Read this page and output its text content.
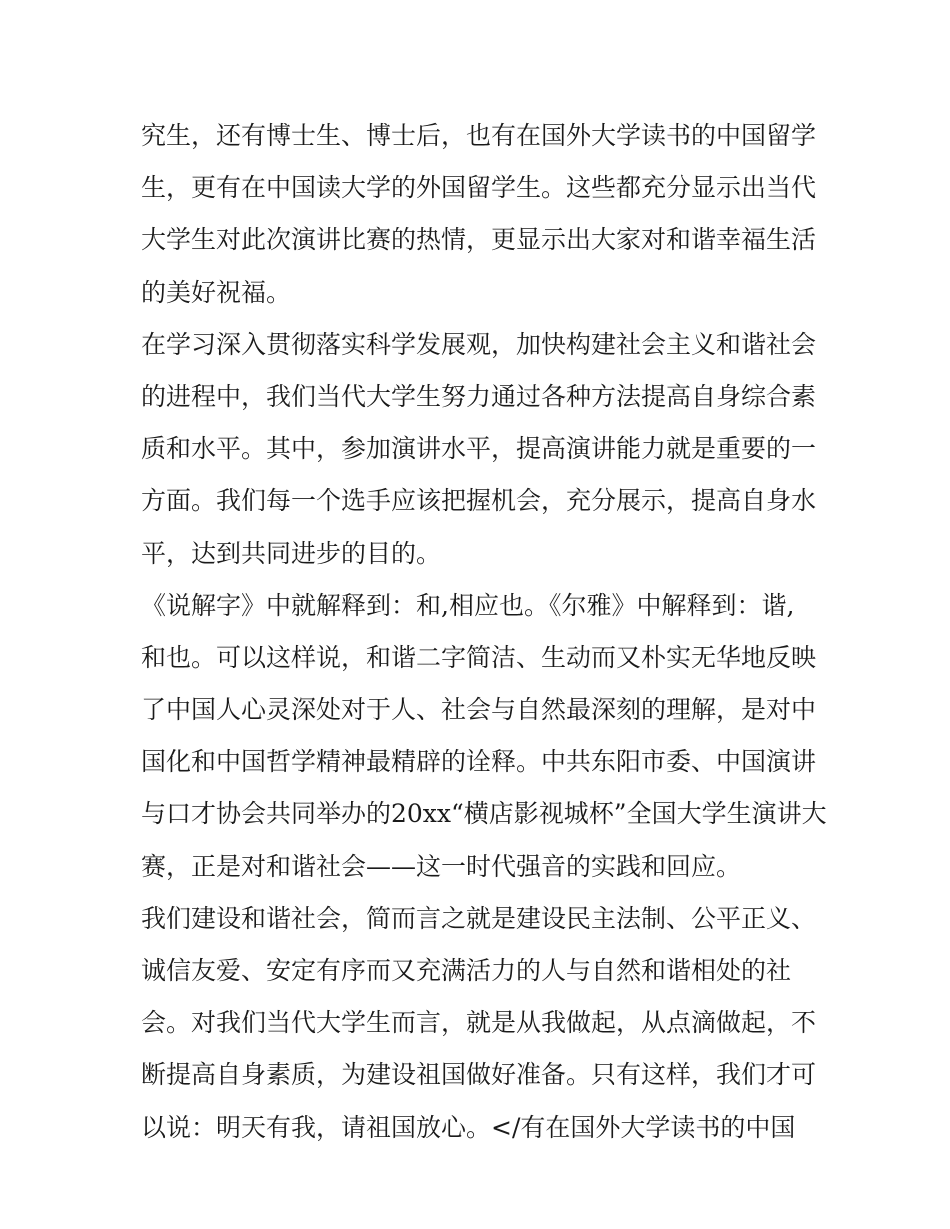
究生，还有博士生、博士后，也有在国外大学读书的中国留学
生，更有在中国读大学的外国留学生。这些都充分显示出当代
大学生对此次演讲比赛的热情，更显示出大家对和谐幸福生活
的美好祝福。
在学习深入贯彻落实科学发展观，加快构建社会主义和谐社会
的进程中，我们当代大学生努力通过各种方法提高自身综合素
质和水平。其中，参加演讲水平，提高演讲能力就是重要的一
方面。我们每一个选手应该把握机会，充分展示，提高自身水
平，达到共同进步的目的。
《说解字》中就解释到：和,相应也。《尔雅》中解释到：谐,
和也。可以这样说，和谐二字简洁、生动而又朴实无华地反映
了中国人心灵深处对于人、社会与自然最深刻的理解，是对中
国化和中国哲学精神最精辟的诠释。中共东阳市委、中国演讲
与口才协会共同举办的20xx“横店影视城杯”全国大学生演讲大
赛，正是对和谐社会——这一时代强音的实践和回应。
我们建设和谐社会，简而言之就是建设民主法制、公平正义、
诚信友爱、安定有序而又充满活力的人与自然和谐相处的社
会。对我们当代大学生而言，就是从我做起，从点滴做起，不
断提高自身素质，为建设祖国做好准备。只有这样，我们才可
以说：明天有我，请祖国放心。</有在国外大学读书的中国
